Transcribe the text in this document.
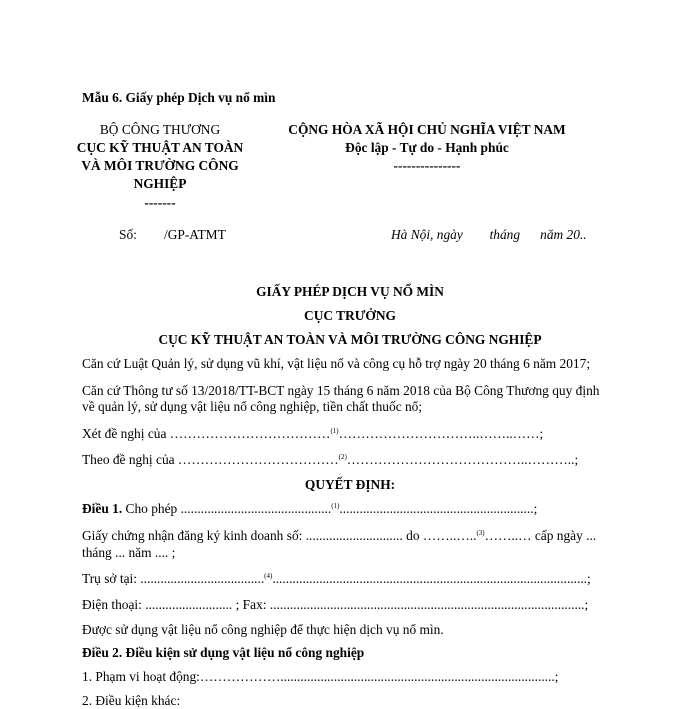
Mẫu 6. Giấy phép Dịch vụ nổ mìn
BỘ CÔNG THƯƠNG
CỤC KỸ THUẬT AN TOÀN
VÀ MÔI TRƯỜNG CÔNG
NGHIỆP
-------
CỘNG HÒA XÃ HỘI CHỦ NGHĨA VIỆT NAM
Độc lập - Tự do - Hạnh phúc
---------------
Số: /GP-ATMT	Hà Nội, ngày        tháng      năm 20..
GIẤY PHÉP DỊCH VỤ NỔ MÌN
CỤC TRƯỞNG
CỤC KỸ THUẬT AN TOÀN VÀ MÔI TRƯỜNG CÔNG NGHIỆP
Căn cứ Luật Quản lý, sử dụng vũ khí, vật liệu nổ và công cụ hỗ trợ ngày 20 tháng 6 năm 2017;
Căn cứ Thông tư số 13/2018/TT-BCT ngày 15 tháng 6 năm 2018 của Bộ Công Thương quy định
về quản lý, sử dụng vật liệu nổ công nghiệp, tiền chất thuốc nổ;
Xét đề nghị của ………………………………$^{(1)}$…………………………..……..……;
Theo đề nghị của ………………………………$^{(2)}$…………………………………..………..;
QUYẾT ĐỊNH:
Điều 1. Cho phép .............................................$^{(1)}$..........................................................;
Giấy chứng nhận đăng ký kinh doanh số: ............................. do ……..…..$^{(3)}$……..… cấp ngày ...
tháng ... năm .... ;
Trụ sở tại: .....................................$^{(4)}$..............................................................................................;
Điện thoại: .......................... ; Fax: ..............................................................................................;
Được sử dụng vật liệu nổ công nghiệp để thực hiện dịch vụ nổ mìn.
Điều 2. Điều kiện sử dụng vật liệu nổ công nghiệp
1. Phạm vi hoạt động:………………..................................................................................;
2. Điều kiện khác:
